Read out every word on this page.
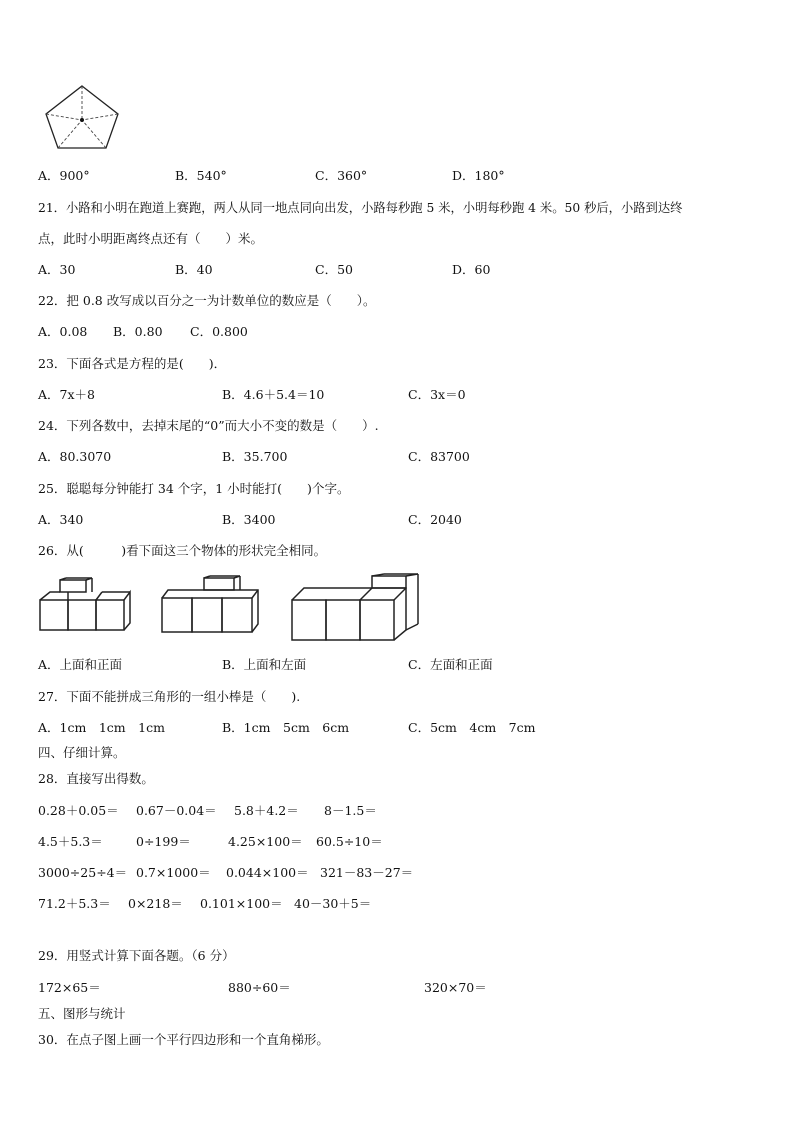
A．900°	B．540°	C．360°	D．180°
21．小路和小明在跑道上赛跑，两人从同一地点同向出发，小路每秒跑 5 米，小明每秒跑 4 米。50 秒后，小路到达终
点，此时小明距离终点还有（　　）米。
A．30	B．40	C．50	D．60
22．把 0.8 改写成以百分之一为计数单位的数应是（　　）。
A．0.08 B．0.80 C．0.800
23．下面各式是方程的是(　　)．
A．7x＋8	B．4.6＋5.4＝10	C．3x＝0
24．下列各数中，去掉末尾的“0”而大小不变的数是（　　）.
A．80.3070	B．35.700	C．83700
25．聪聪每分钟能打 34 个字，1 小时能打(　　)个字。
A．340	B．3400	C．2040
26．从(　　　)看下面这三个物体的形状完全相同。
A．上面和正面	B．上面和左面	C．左面和正面
27．下面不能拼成三角形的一组小棒是（　　).
A．1cm　1cm　1cm	B．1cm　5cm　6cm	C．5cm　4cm　7cm
四、仔细计算。
28．直接写出得数。
0.28＋0.05＝ 0.67－0.04＝ 5.8＋4.2＝ 8－1.5＝
4.5＋5.3＝	0÷199＝	4.25×100＝ 60.5÷10＝
3000÷25÷4＝ 0.7×1000＝ 0.044×100＝ 321－83－27＝
71.2＋5.3＝ 0×218＝ 0.101×100＝ 40－30＋5＝
29．用竖式计算下面各题。（6 分）
172×65＝	880÷60＝	320×70＝
五、图形与统计
30．在点子图上画一个平行四边形和一个直角梯形。
